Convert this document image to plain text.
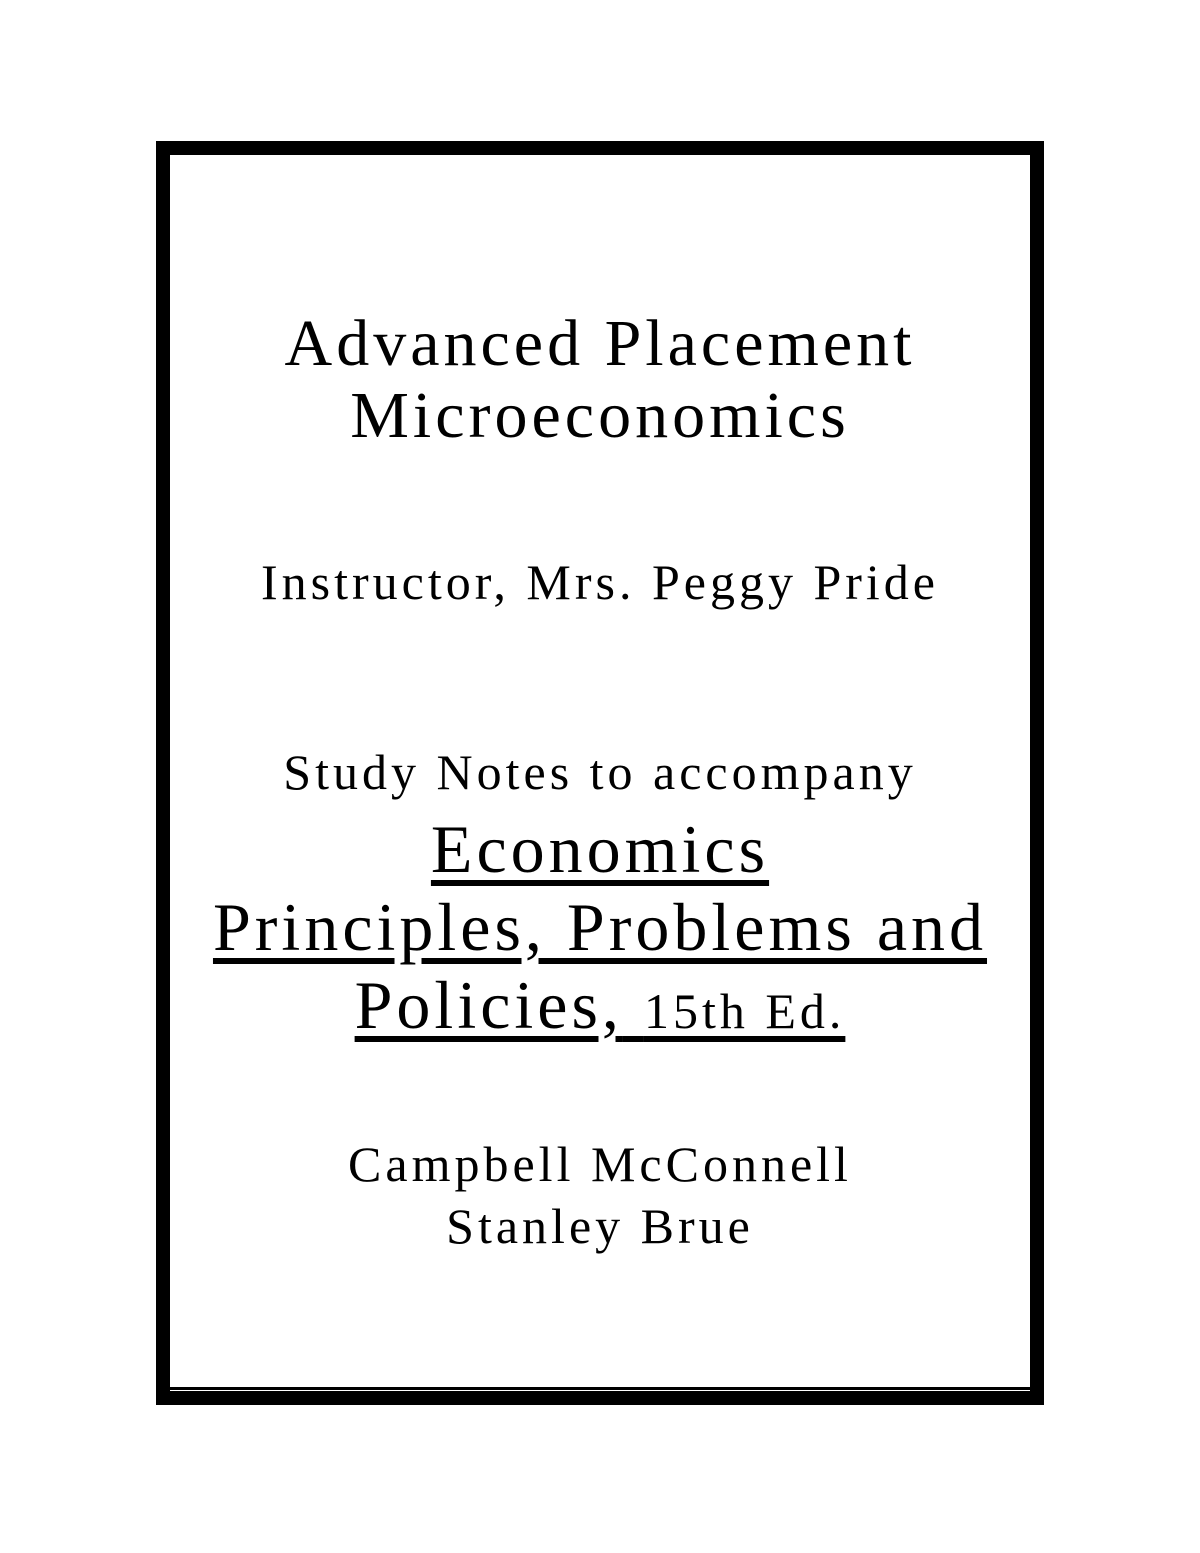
Advanced Placement
Microeconomics
Instructor, Mrs. Peggy Pride
Study Notes to accompany
Economics
Principles, Problems and
Policies, 15th Ed.
Campbell McConnell
Stanley Brue
